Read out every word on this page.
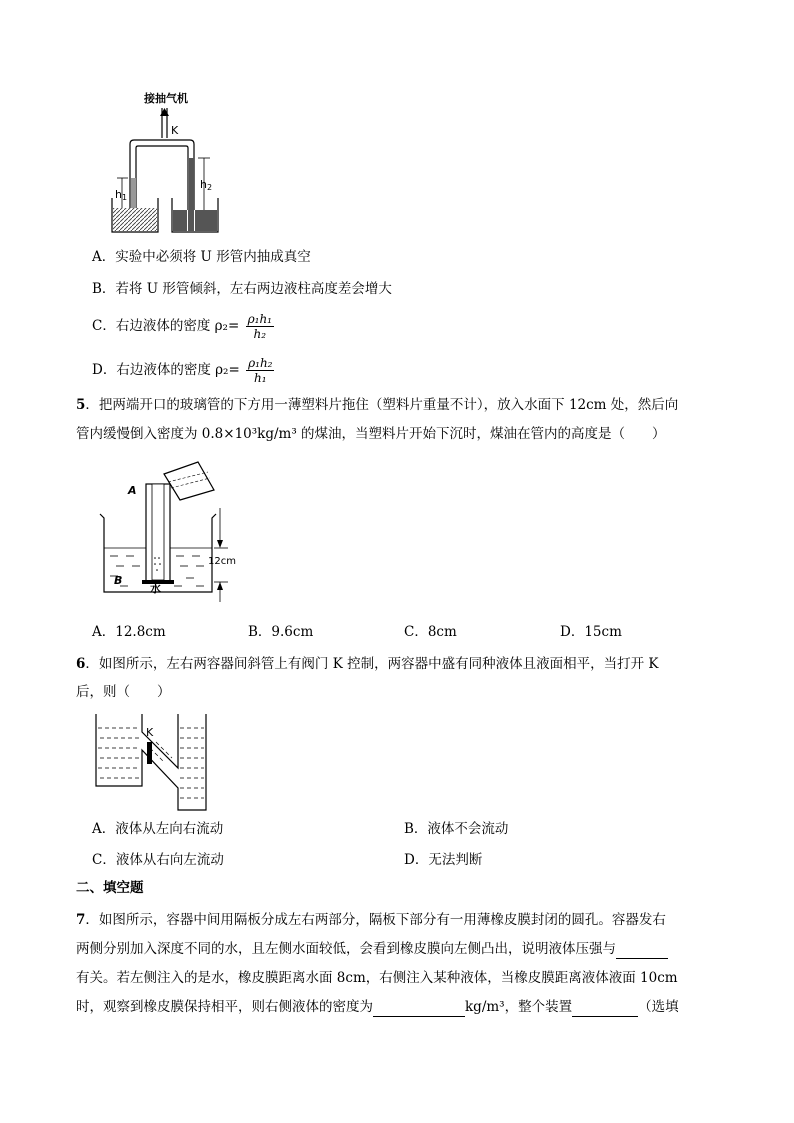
接抽气机
K
h1
h2
A．实验中必须将 U 形管内抽成真空
B．若将 U 形管倾斜，左右两边液柱高度差会增大
C．右边液体的密度 $\rho_2= \frac{\text{ρ₁h₁}}{\text{h₂}}$
D．右边液体的密度 $\rho_2= \frac{\text{ρ₁h₂}}{\text{h₁}}$
5．把两端开口的玻璃管的下方用一薄塑料片拖住（塑料片重量不计），放入水面下 12cm 处，然后向
管内缓慢倒入密度为 0.8×10³kg/m³ 的煤油，当塑料片开始下沉时，煤油在管内的高度是（　　）
A
B
水
12cm
A．12.8cm	B．9.6cm	C．8cm	D．15cm
6．如图所示，左右两容器间斜管上有阀门 K 控制，两容器中盛有同种液体且液面相平，当打开 K
后，则（　　）
K
A．液体从左向右流动	B．液体不会流动
C．液体从右向左流动	D．无法判断
二、填空题
7．如图所示，容器中间用隔板分成左右两部分，隔板下部分有一用薄橡皮膜封闭的圆孔。容器发右
两侧分别加入深度不同的水，且左侧水面较低，会看到橡皮膜向左侧凸出，说明液体压强与
有关。若左侧注入的是水，橡皮膜距离水面 8cm，右侧注入某种液体，当橡皮膜距离液体液面 10cm
时，观察到橡皮膜保持相平，则右侧液体的密度为	kg/m³，整个装置	（选填
